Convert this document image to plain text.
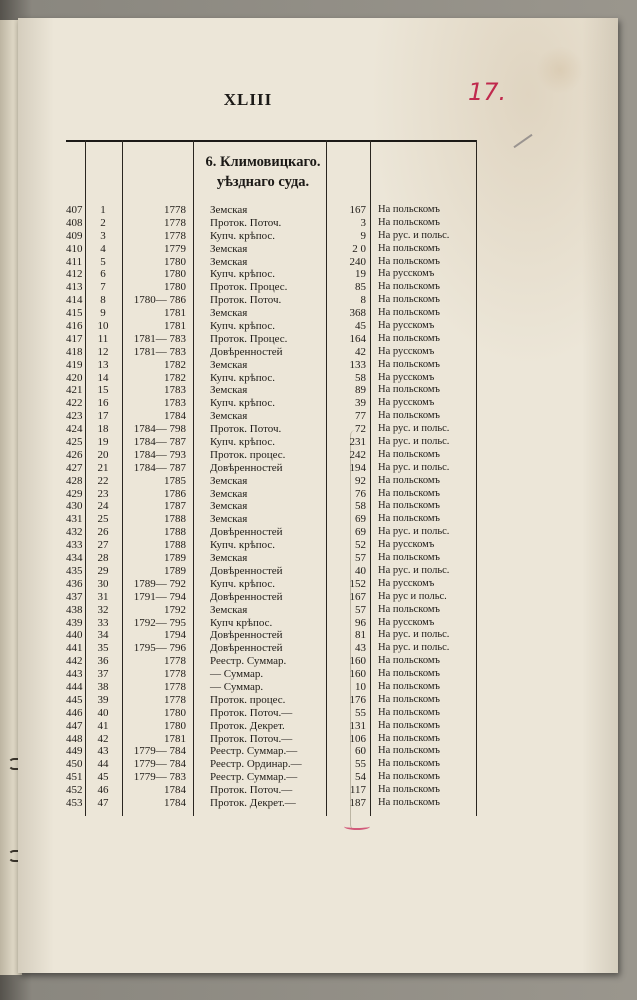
XLIII	17.
6. Климовицкаго.
уѣзднаго суда.
407	1	1778 Земская	167 На польскомъ
408	2	1778 Проток. Поточ.	3 На польскомъ
409	3	1778 Купч. крѣпос.	9 На рус. и польс.
410	4	1779 Земская	2 0 На польскомъ
411	5	1780 Земская	240 На польскомъ
412	6	1780 Купч. крѣпос.	19 На русскомъ
413	7	1780 Проток. Процес.	85 На польскомъ
414	8	1780— 786 Проток. Поточ.	8 На польскомъ
415	9	1781 Земская	368 На польскомъ
416	10	1781 Купч. крѣпос.	45 На русскомъ
417	11	1781— 783 Проток. Процес.	164 На польскомъ
418	12	1781— 783 Довѣренностей	42 На русскомъ
419	13	1782 Земская	133 На польскомъ
420	14	1782 Купч. крѣпос.	58 На русскомъ
421	15	1783 Земская	89 На польскомъ
422	16	1783 Купч. крѣпос.	39 На русскомъ
423	17	1784 Земская	77 На польскомъ
424	18	1784— 798 Проток. Поточ.	72 На рус. и польс.
425	19	1784— 787 Купч. крѣпос.	231 На рус. и польс.
426	20	1784— 793 Проток. процес.	242 На польскомъ
427	21	1784— 787 Довѣренностей	194 На рус. и польс.
428	22	1785 Земская	92 На польскомъ
429	23	1786 Земская	76 На польскомъ
430	24	1787 Земская	58 На польскомъ
431	25	1788 Земская	69 На польскомъ
432	26	1788 Довѣренностей	69 На рус. и польс.
433	27	1788 Купч. крѣпос.	52 На русскомъ
434	28	1789 Земская	57 На польскомъ
435	29	1789 Довѣренностей	40 На рус. и польс.
436	30	1789— 792 Купч. крѣпос.	152 На русскомъ
437	31	1791— 794 Довѣренностей	167 На рус и польс.
438	32	1792 Земская	57 На польскомъ
439	33	1792— 795 Купч крѣпос.	96 На русскомъ
440	34	1794 Довѣренностей	81 На рус. и польс.
441	35	1795— 796 Довѣренностей	43 На рус. и польс.
442	36	1778 Реестр. Суммар.	160 На польскомъ
443	37	1778 — Суммар.	160 На польскомъ
444	38	1778 — Суммар.	10 На польскомъ
445	39	1778 Проток. процес.	176 На польскомъ
446	40	1780 Проток. Поточ.—	55 На польскомъ
447	41	1780 Проток. Декрет.	131 На польскомъ
448	42	1781 Проток. Поточ.—	106 На польскомъ
449	43	1779— 784 Реестр. Суммар.—	60 На польскомъ
450	44	1779— 784 Реестр. Ординар.—	55 На польскомъ
451	45	1779— 783 Реестр. Суммар.—	54 На польскомъ
452	46	1784 Проток. Поточ.—	117 На польскомъ
453	47	1784 Проток. Декрет.—	187 На польскомъ
